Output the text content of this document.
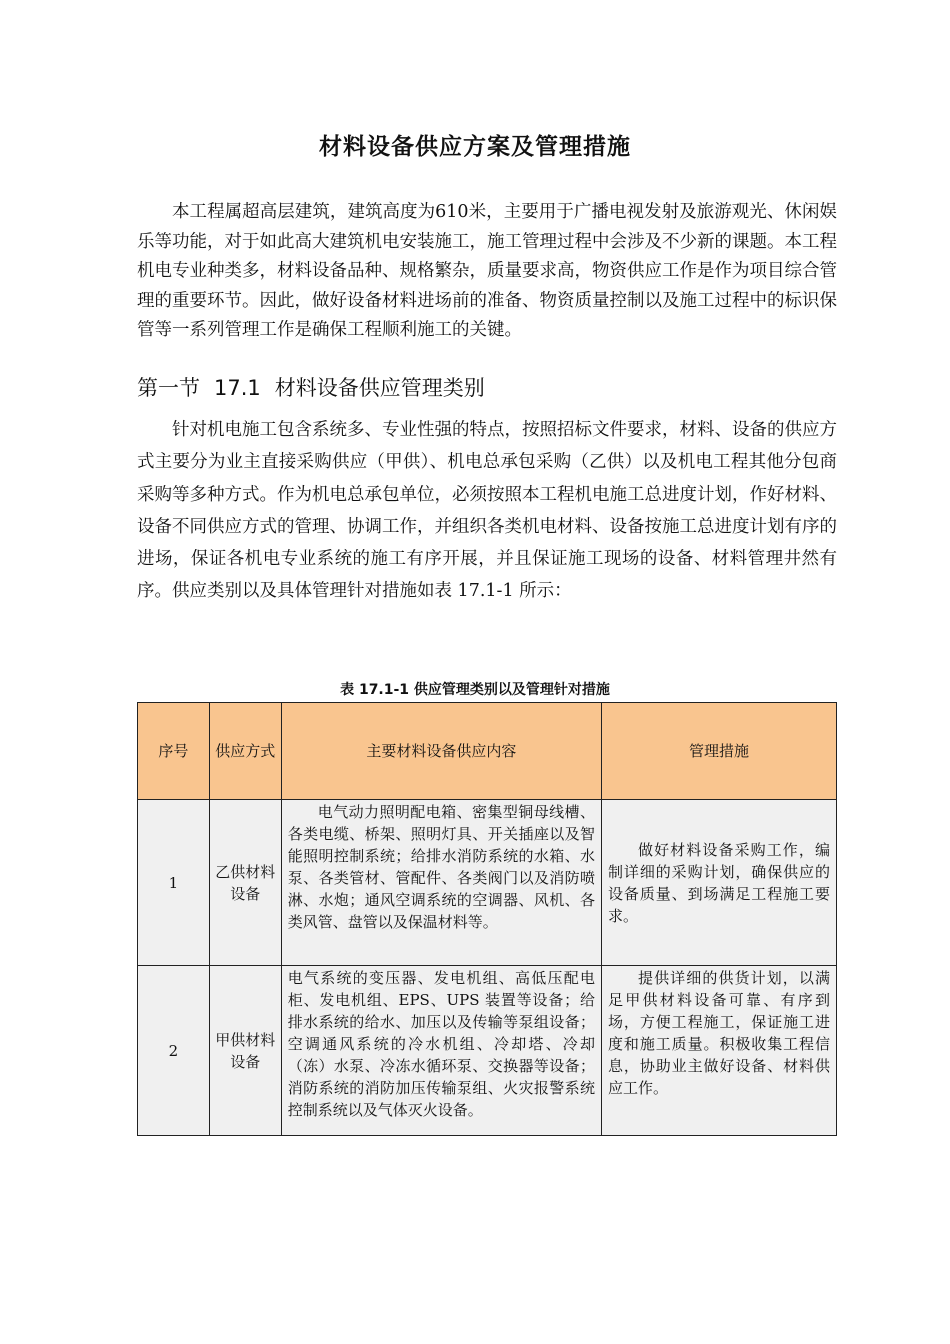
材料设备供应方案及管理措施

本工程属超高层建筑，建筑高度为610米，主要用于广播电视发射及旅游观光、休闲娱乐等功能，对于如此高大建筑机电安装施工，施工管理过程中会涉及不少新的课题。本工程机电专业种类多，材料设备品种、规格繁杂，质量要求高，物资供应工作是作为项目综合管理的重要环节。因此，做好设备材料进场前的准备、物资质量控制以及施工过程中的标识保管等一系列管理工作是确保工程顺利施工的关键。

第一节 17.1 材料设备供应管理类别

针对机电施工包含系统多、专业性强的特点，按照招标文件要求，材料、设备的供应方式主要分为业主直接采购供应（甲供）、机电总承包采购（乙供）以及机电工程其他分包商采购等多种方式。作为机电总承包单位，必须按照本工程机电施工总进度计划，作好材料、设备不同供应方式的管理、协调工作，并组织各类机电材料、设备按施工总进度计划有序的进场，保证各机电专业系统的施工有序开展，并且保证施工现场的设备、材料管理井然有序。供应类别以及具体管理针对措施如表 17.1-1 所示：

表 17.1-1 供应管理类别以及管理针对措施
序号	供应方式	主要材料设备供应内容	管理措施
1	乙供材料设备	电气动力照明配电箱、密集型铜母线槽、各类电缆、桥架、照明灯具、开关插座以及智能照明控制系统；给排水消防系统的水箱、水泵、各类管材、管配件、各类阀门以及消防喷淋、水炮；通风空调系统的空调器、风机、各类风管、盘管以及保温材料等。	做好材料设备采购工作，编制详细的采购计划，确保供应的设备质量、到场满足工程施工要求。

2	甲供材料设备	电气系统的变压器、发电机组、高低压配电柜、发电机组、EPS、UPS 装置等设备；给排水系统的给水、加压以及传输等泵组设备；空调通风系统的冷水机组、冷却塔、冷却（冻）水泵、冷冻水循环泵、交换器等设备；消防系统的消防加压传输泵组、火灾报警系统控制系统以及气体灭火设备。	提供详细的供货计划，以满足甲供材料设备可靠、有序到场，方便工程施工，保证施工进度和施工质量。积极收集工程信息，协助业主做好设备、材料供应工作。
